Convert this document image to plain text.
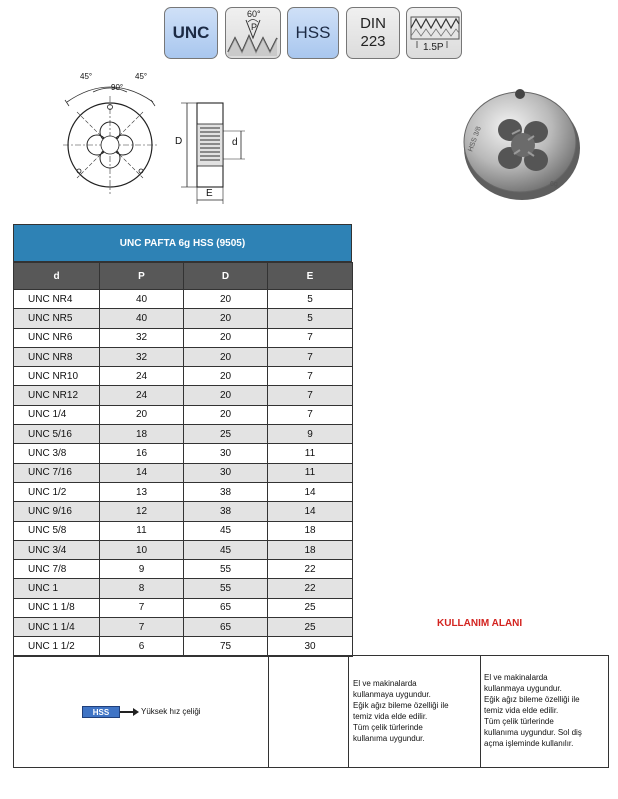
UNC
60°
P HSS DIN
223	1.5P
45°	45°
90°
D	d
E
HSS 3/8
6g
UNC PAFTA 6g HSS (9505)
d	P	D	E
UNC NR4	40	20	5
UNC NR5	40	20	5
UNC NR6	32	20	7
UNC NR8	32	20	7
UNC NR10	24	20	7
UNC NR12	24	20	7
UNC 1/4	20	20	7
UNC 5/16	18	25	9
UNC 3/8	16	30	11
UNC 7/16	14	30	11
UNC 1/2	13	38	14
UNC 9/16	12	38	14
UNC 5/8	11	45	18
UNC 3/4	10	45	18
UNC 7/8	9	55	22
UNC 1	8	55	22
UNC 1 1/8	7	65	25
UNC 1 1/4	7	65	25
UNC 1 1/2	6	75	30
KULLANIM ALANI
HSS	Yüksek hız çeliği
El ve makinalarda
kullanmaya uygundur.
Eğik ağız bileme özelliği ile
temiz vida elde edilir.
Tüm çelik türlerinde
kullanıma uygundur.
El ve makinalarda
kullanmaya uygundur.
Eğik ağız bileme özelliği ile
temiz vida elde edilir.
Tüm çelik türlerinde
kullanıma uygundur. Sol diş
açma işleminde kullanılır.
